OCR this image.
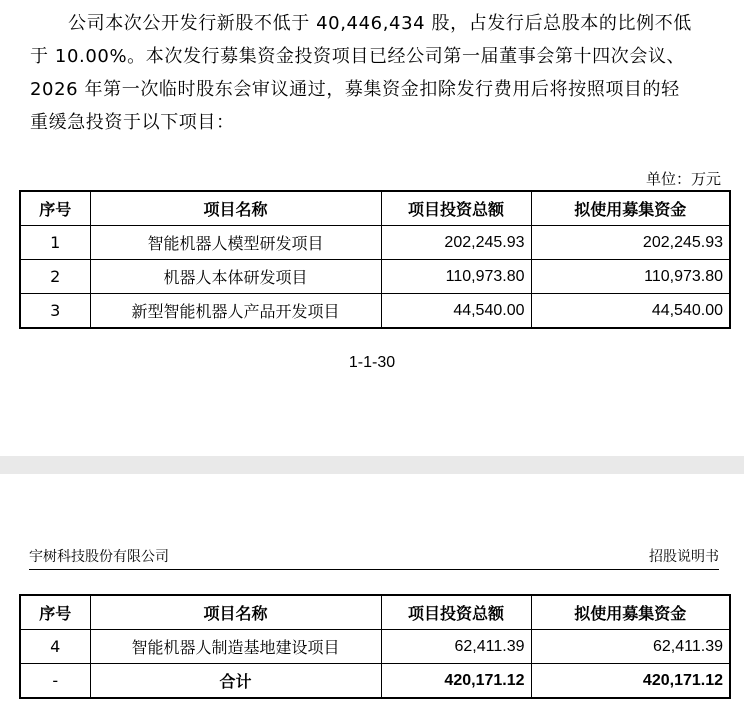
公司本次公开发行新股不低于 40,446,434 股，占发行后总股本的比例不低
于 10.00%。本次发行募集资金投资项目已经公司第一届董事会第十四次会议、
2026 年第一次临时股东会审议通过，募集资金扣除发行费用后将按照项目的轻
重缓急投资于以下项目：

单位：万元
序号	项目名称	项目投资总额	拟使用募集资金
1	智能机器人模型研发项目	202,245.93	202,245.93
2	机器人本体研发项目	110,973.80	110,973.80
3	新型智能机器人产品开发项目	44,540.00	44,540.00
1-1-30
宇树科技股份有限公司	招股说明书
序号	项目名称	项目投资总额	拟使用募集资金
4	智能机器人制造基地建设项目	62,411.39	62,411.39
-	合计	420,171.12	420,171.12
